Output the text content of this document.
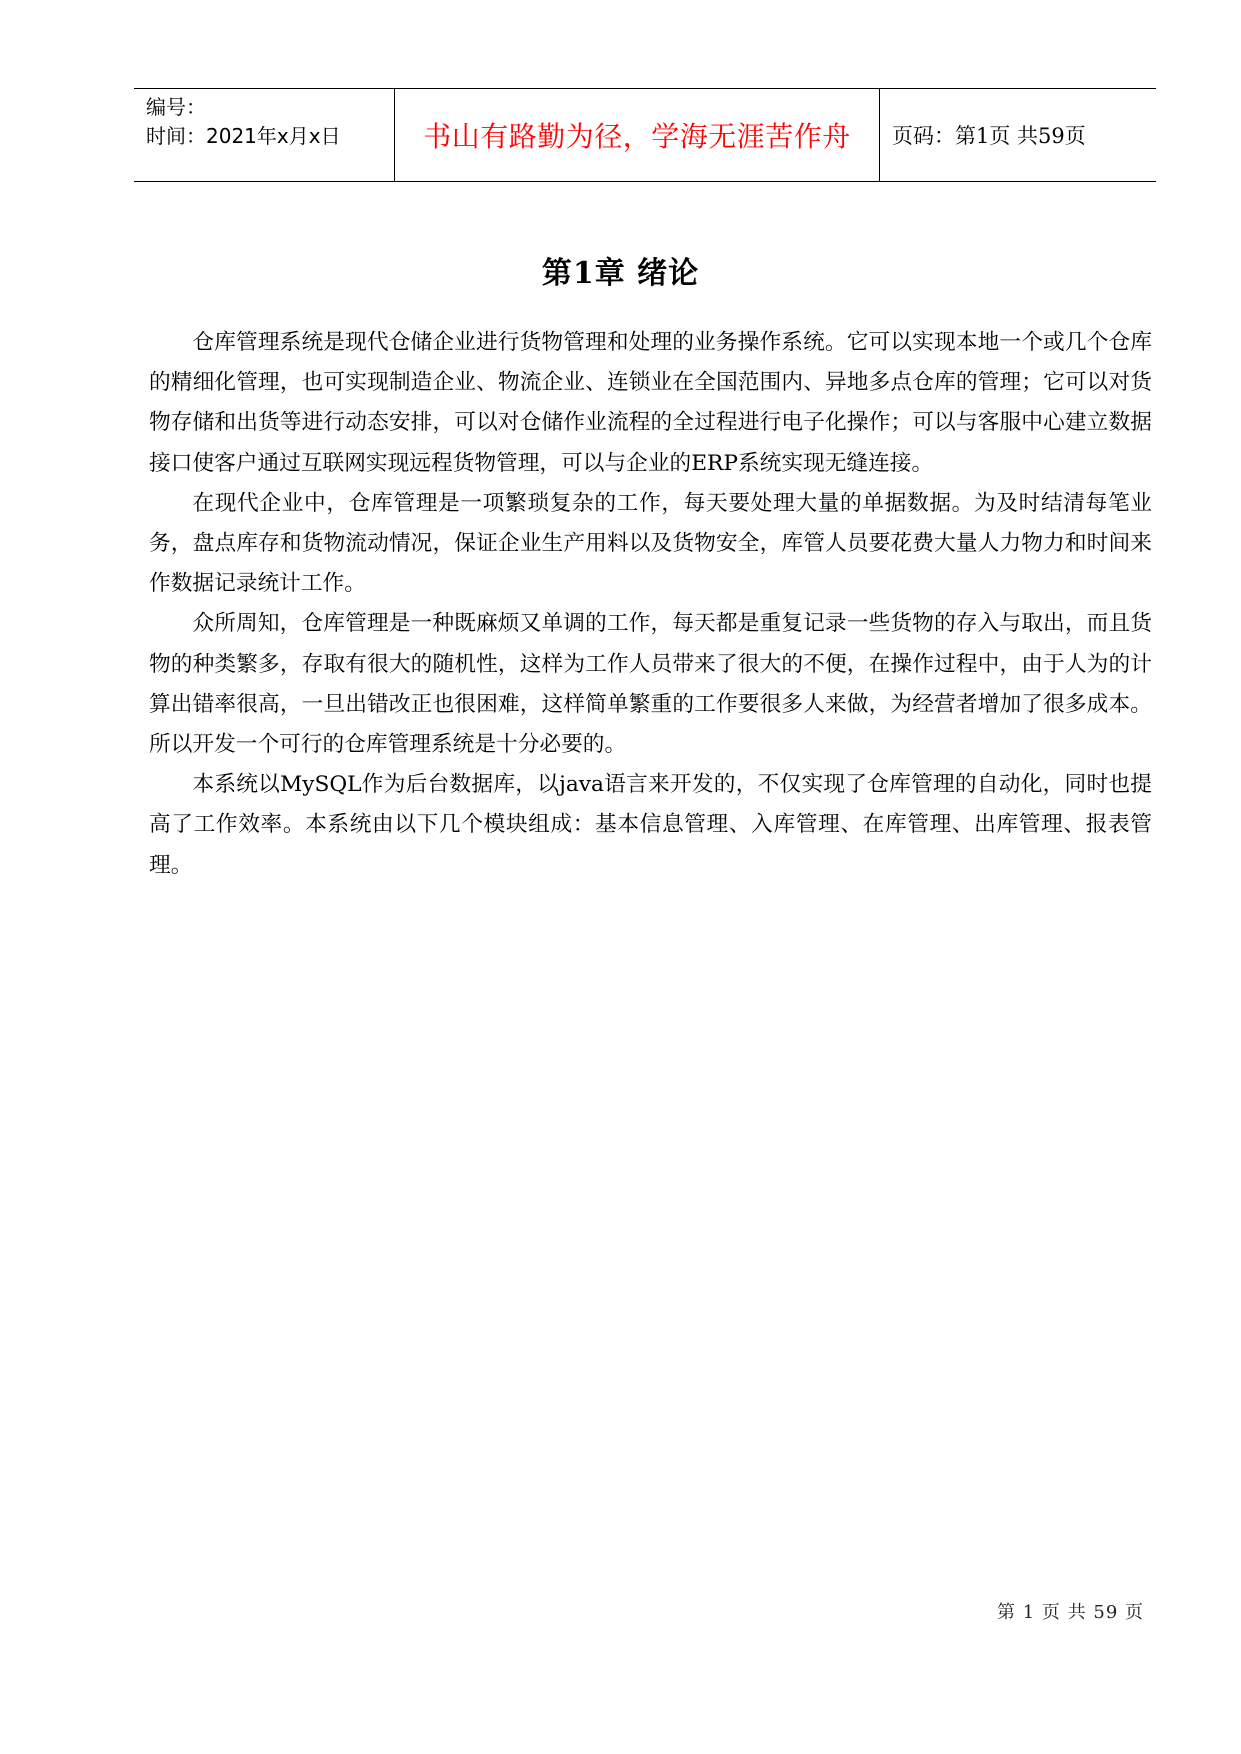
编号：
时间：2021年x月x日	书山有路勤为径，学海无涯苦作舟	页码：第1页 共59页
第1章 绪论

仓库管理系统是现代仓储企业进行货物管理和处理的业务操作系统。它可以实现本地一个或几个仓库的精细化管理，也可实现制造企业、物流企业、连锁业在全国范围内、异地多点仓库的管理；它可以对货物存储和出货等进行动态安排，可以对仓储作业流程的全过程进行电子化操作；可以与客服中心建立数据接口使客户通过互联网实现远程货物管理，可以与企业的ERP系统实现无缝连接。

在现代企业中，仓库管理是一项繁琐复杂的工作，每天要处理大量的单据数据。为及时结清每笔业务，盘点库存和货物流动情况，保证企业生产用料以及货物安全，库管人员要花费大量人力物力和时间来作数据记录统计工作。

众所周知，仓库管理是一种既麻烦又单调的工作，每天都是重复记录一些货物的存入与取出，而且货物的种类繁多，存取有很大的随机性，这样为工作人员带来了很大的不便，在操作过程中，由于人为的计算出错率很高，一旦出错改正也很困难，这样简单繁重的工作要很多人来做，为经营者增加了很多成本。所以开发一个可行的仓库管理系统是十分必要的。

本系统以MySQL作为后台数据库，以java语言来开发的，不仅实现了仓库管理的自动化，同时也提高了工作效率。本系统由以下几个模块组成：基本信息管理、入库管理、在库管理、出库管理、报表管理。

第 1 页 共 59 页
